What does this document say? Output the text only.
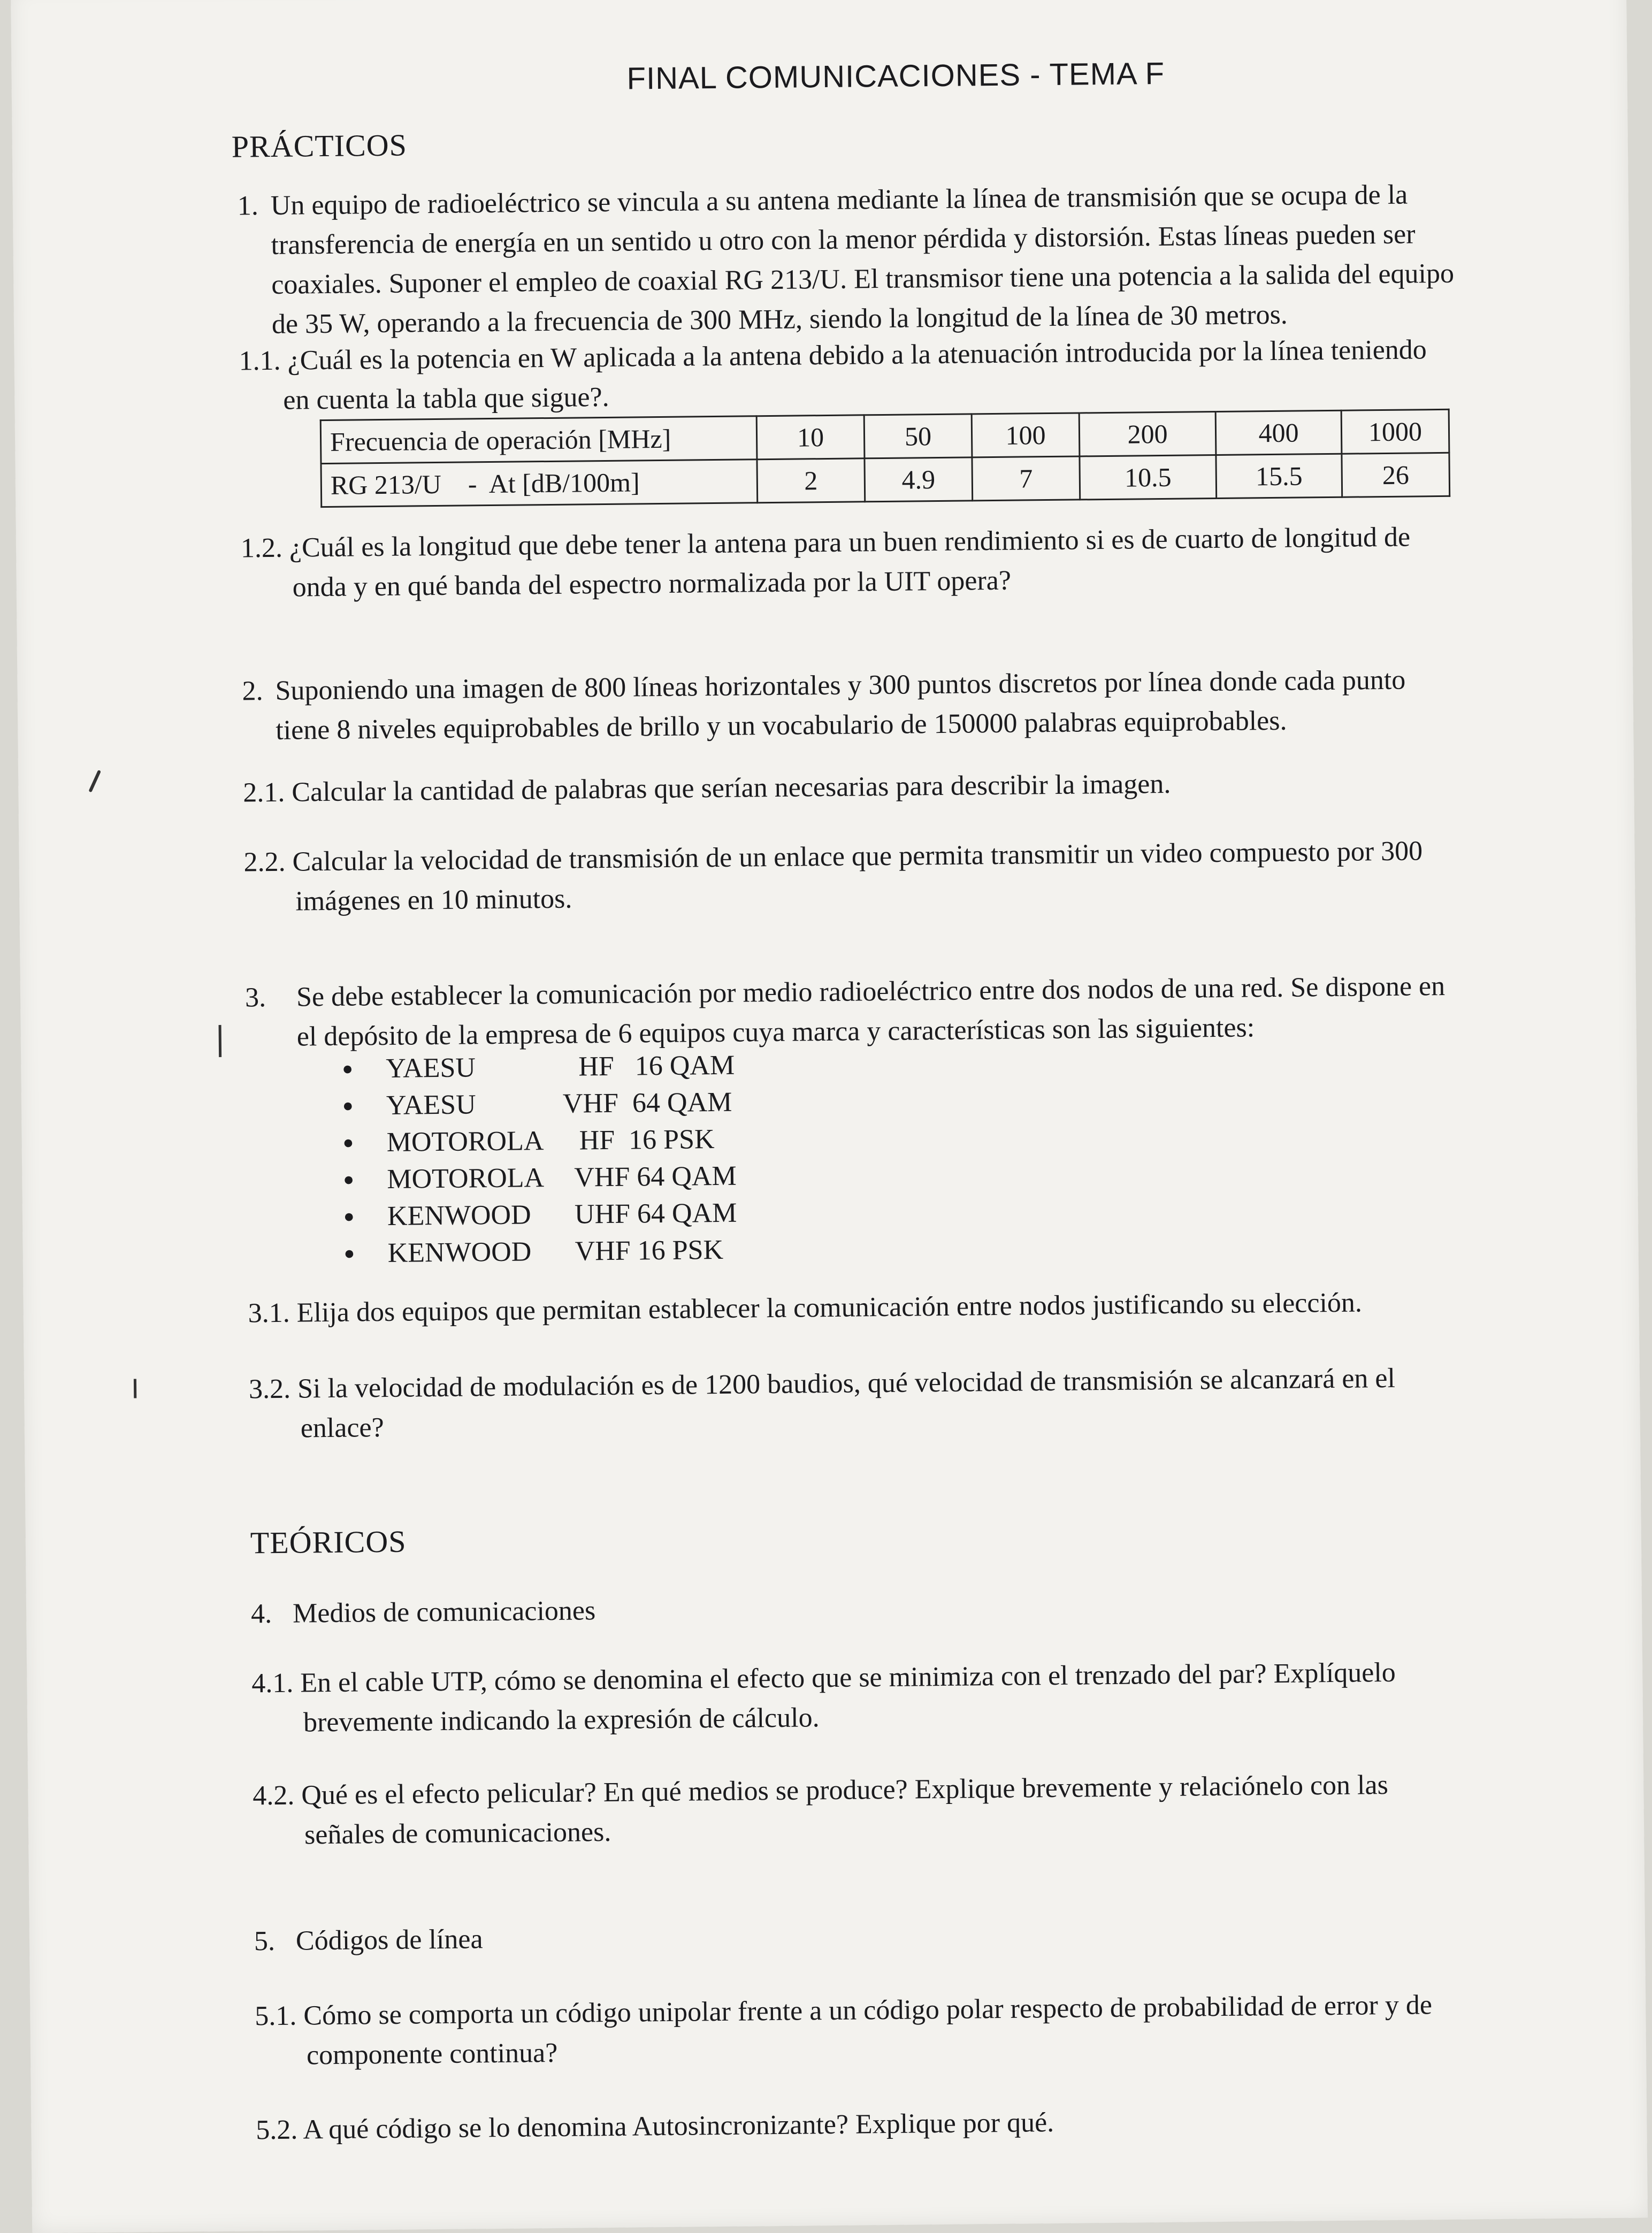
FINAL COMUNICACIONES - TEMA F
PRÁCTICOS
1. Un equipo de radioeléctrico se vincula a su antena mediante la línea de transmisión que se ocupa de la
transferencia de energía en un sentido u otro con la menor pérdida y distorsión. Estas líneas pueden ser
coaxiales. Suponer el empleo de coaxial RG 213/U. El transmisor tiene una potencia a la salida del equipo
de 35 W, operando a la frecuencia de 300 MHz, siendo la longitud de la línea de 30 metros.
1.1. ¿Cuál es la potencia en W aplicada a la antena debido a la atenuación introducida por la línea teniendo
en cuenta la tabla que sigue?.
Frecuencia de operación [MHz]	10	50	100	200	400	1000
RG 213/U    -  At [dB/100m]	2	4.9	7	10.5	15.5	26
1.2. ¿Cuál es la longitud que debe tener la antena para un buen rendimiento si es de cuarto de longitud de
onda y en qué banda del espectro normalizada por la UIT opera?
2. Suponiendo una imagen de 800 líneas horizontales y 300 puntos discretos por línea donde cada punto
tiene 8 niveles equiprobables de brillo y un vocabulario de 150000 palabras equiprobables.
2.1. Calcular la cantidad de palabras que serían necesarias para describir la imagen.
2.2. Calcular la velocidad de transmisión de un enlace que permita transmitir un video compuesto por 300
imágenes en 10 minutos.
3. Se debe establecer la comunicación por medio radioeléctrico entre dos nodos de una red. Se dispone en
el depósito de la empresa de 6 equipos cuya marca y características son las siguientes:
●	YAESU	HF   16 QAM
●	YAESU	VHF  64 QAM
●	MOTOROLA	HF  16 PSK
●	MOTOROLA	VHF 64 QAM
●	KENWOOD	UHF 64 QAM
●	KENWOOD	VHF 16 PSK
3.1. Elija dos equipos que permitan establecer la comunicación entre nodos justificando su elección.
3.2. Si la velocidad de modulación es de 1200 baudios, qué velocidad de transmisión se alcanzará en el
enlace?
TEÓRICOS
4.   Medios de comunicaciones
4.1. En el cable UTP, cómo se denomina el efecto que se minimiza con el trenzado del par? Explíquelo
brevemente indicando la expresión de cálculo.
4.2. Qué es el efecto pelicular? En qué medios se produce? Explique brevemente y relaciónelo con las
señales de comunicaciones.
5.   Códigos de línea
5.1. Cómo se comporta un código unipolar frente a un código polar respecto de probabilidad de error y de
componente continua?
5.2. A qué código se lo denomina Autosincronizante? Explique por qué.
